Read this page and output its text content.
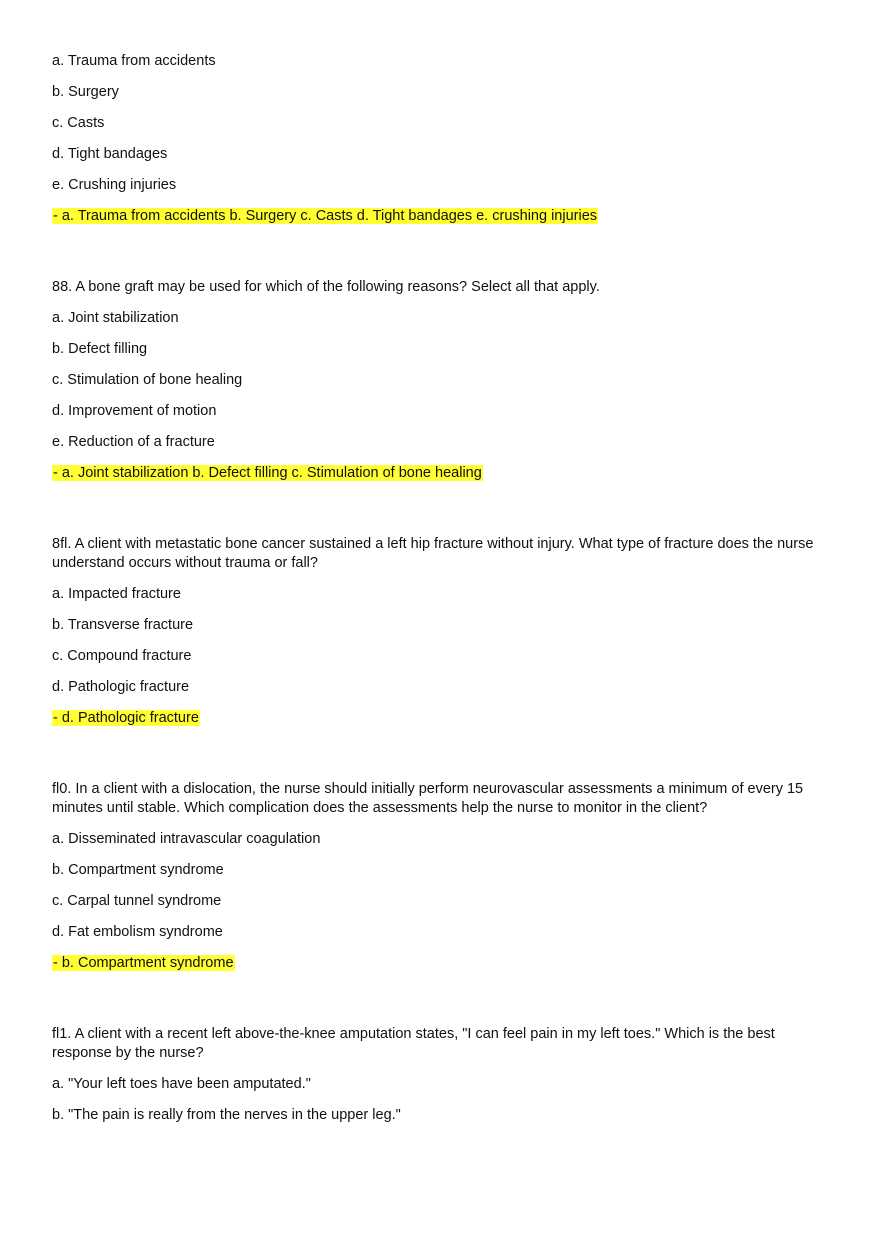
a. Trauma from accidents

b. Surgery

c. Casts

d. Tight bandages

e. Crushing injuries

- a. Trauma from accidents b. Surgery c. Casts d. Tight bandages e. crushing injuries

88. A bone graft may be used for which of the following reasons? Select all that apply.

a. Joint stabilization

b. Defect filling

c. Stimulation of bone healing

d. Improvement of motion

e. Reduction of a fracture

- a. Joint stabilization b. Defect filling c. Stimulation of bone healing

8fl. A client with metastatic bone cancer sustained a left hip fracture without injury. What type of fracture does the nurse understand occurs without trauma or fall?

a. Impacted fracture

b. Transverse fracture

c. Compound fracture

d. Pathologic fracture

- d. Pathologic fracture

fl0. In a client with a dislocation, the nurse should initially perform neurovascular assessments a minimum of every 15 minutes until stable. Which complication does the assessments help the nurse to monitor in the client?

a. Disseminated intravascular coagulation

b. Compartment syndrome

c. Carpal tunnel syndrome

d. Fat embolism syndrome

- b. Compartment syndrome

fl1. A client with a recent left above-the-knee amputation states, "I can feel pain in my left toes." Which is the best response by the nurse?

a. "Your left toes have been amputated."

b. "The pain is really from the nerves in the upper leg."
